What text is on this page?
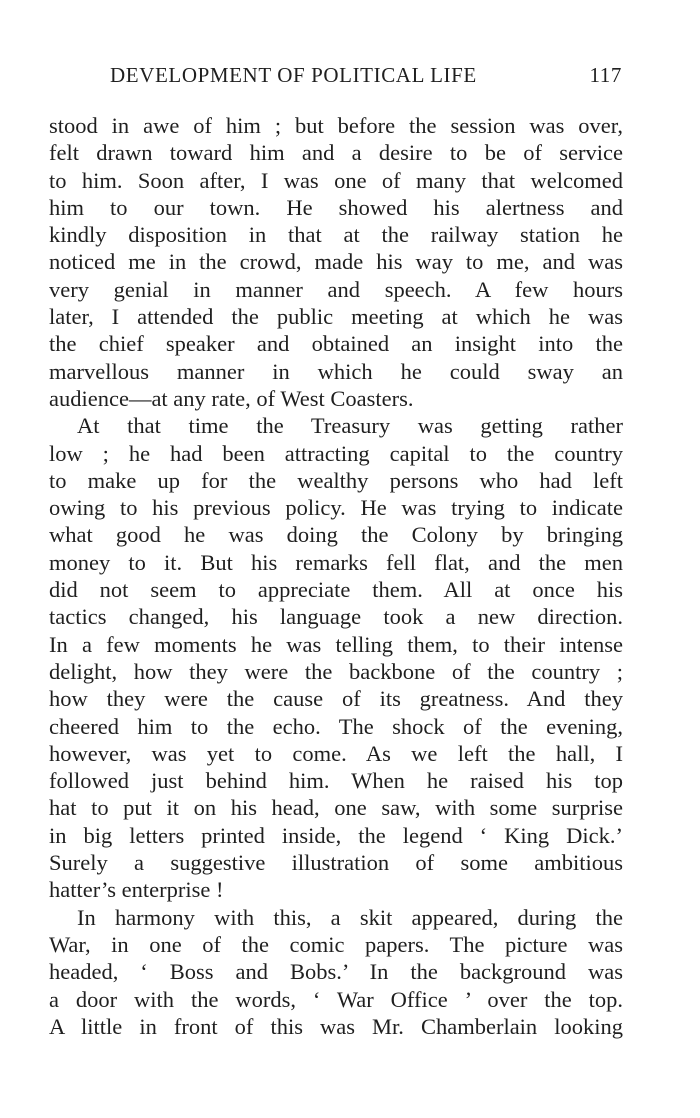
DEVELOPMENT OF POLITICAL LIFE	117
stood in awe of him ; but before the session was over,
felt drawn toward him and a desire to be of service
to him. Soon after, I was one of many that welcomed
him to our town. He showed his alertness and
kindly disposition in that at the railway station he
noticed me in the crowd, made his way to me, and was
very genial in manner and speech. A few hours
later, I attended the public meeting at which he was
the chief speaker and obtained an insight into the
marvellous manner in which he could sway an
audience—at any rate, of West Coasters.
At that time the Treasury was getting rather
low ; he had been attracting capital to the country
to make up for the wealthy persons who had left
owing to his previous policy. He was trying to indicate
what good he was doing the Colony by bringing
money to it. But his remarks fell flat, and the men
did not seem to appreciate them. All at once his
tactics changed, his language took a new direction.
In a few moments he was telling them, to their intense
delight, how they were the backbone of the country ;
how they were the cause of its greatness. And they
cheered him to the echo. The shock of the evening,
however, was yet to come. As we left the hall, I
followed just behind him. When he raised his top
hat to put it on his head, one saw, with some surprise
in big letters printed inside, the legend ‘ King Dick.’
Surely a suggestive illustration of some ambitious
hatter’s enterprise !
In harmony with this, a skit appeared, during the
War, in one of the comic papers. The picture was
headed, ‘ Boss and Bobs.’ In the background was
a door with the words, ‘ War Office ’ over the top.
A little in front of this was Mr. Chamberlain looking
